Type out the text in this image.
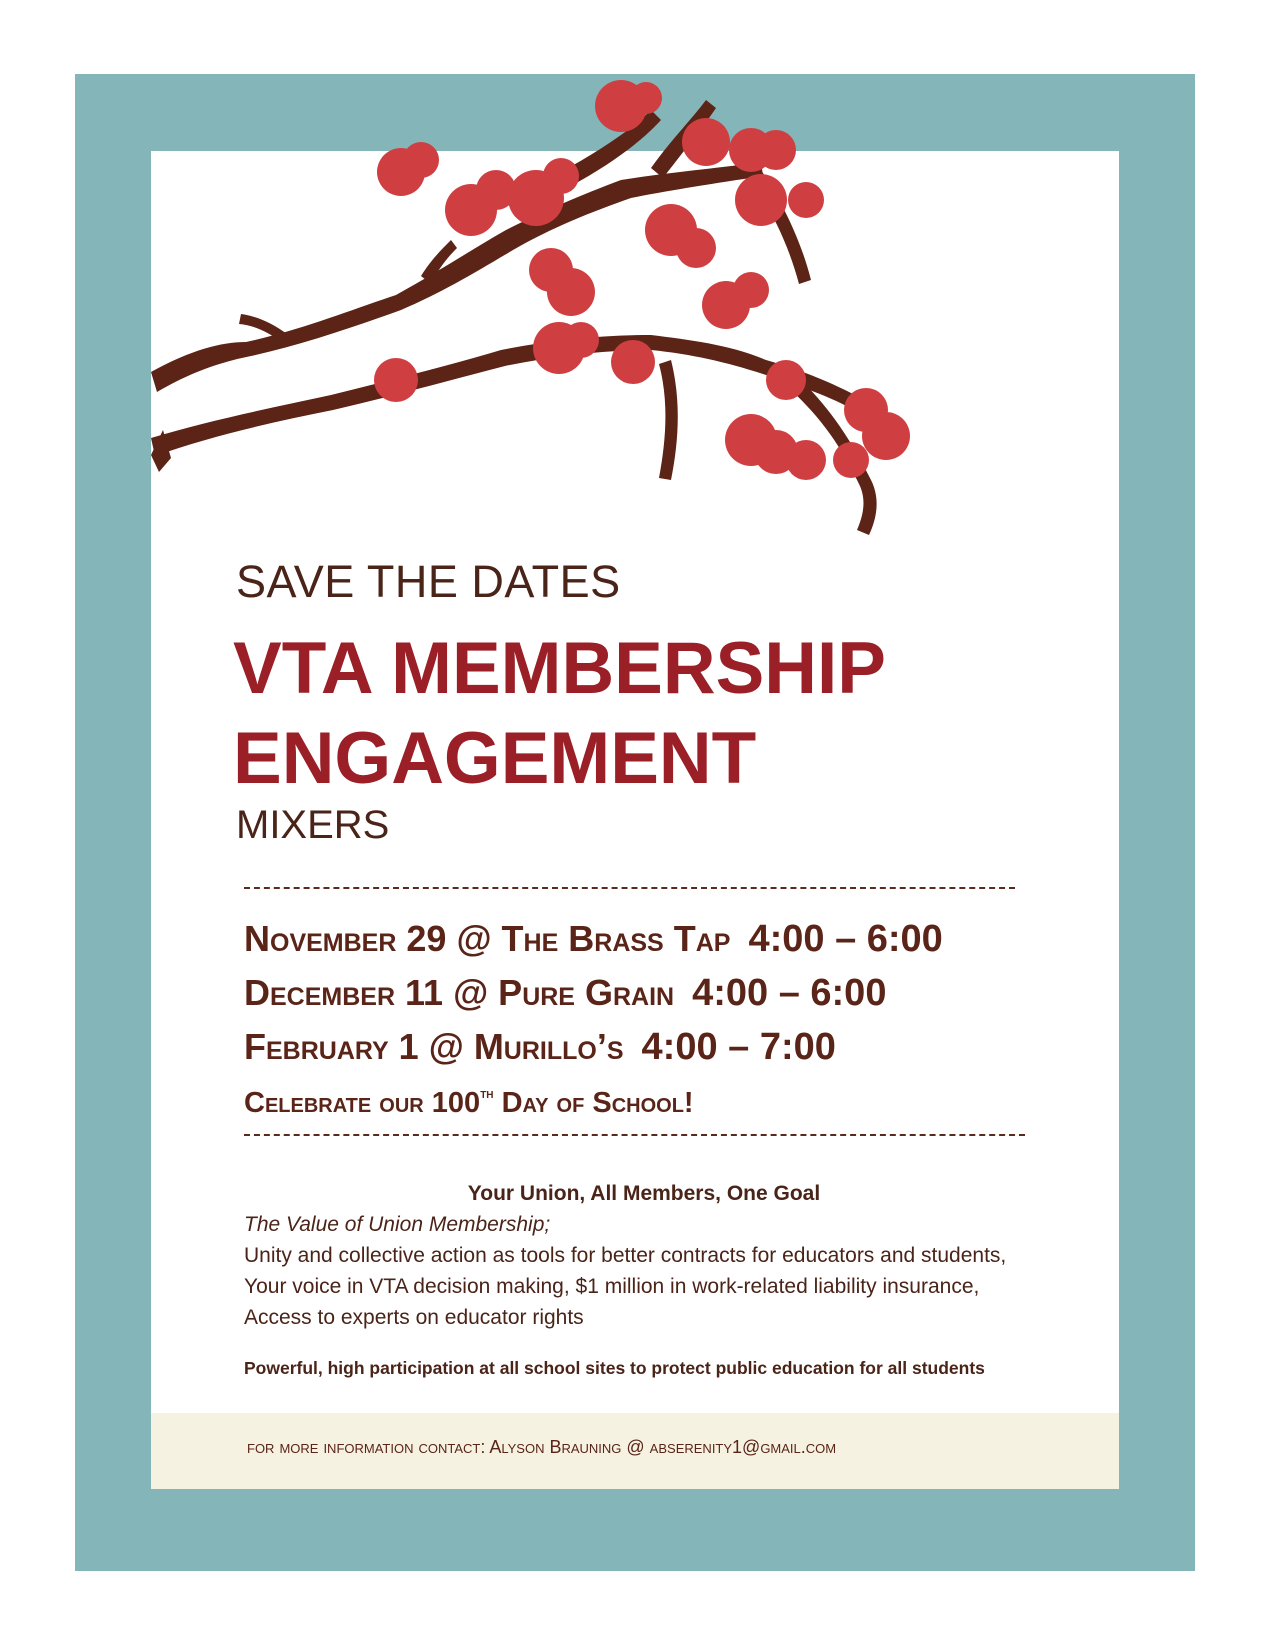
SAVE THE DATES
VTA MEMBERSHIP
ENGAGEMENT
MIXERS
November 29 @ The Brass Tap 4:00 – 6:00
December 11 @ Pure Grain 4:00 – 6:00
February 1 @ Murillo’s 4:00 – 7:00
Celebrate our 100th Day of School!
Your Union, All Members, One Goal
The Value of Union Membership;
Unity and collective action as tools for better contracts for educators and students, Your voice in VTA decision making, $1 million in work-related liability insurance, Access to experts on educator rights
Powerful, high participation at all school sites to protect public education for all students
for more information contact: Alyson Brauning @ abserenity1@gmail.com
